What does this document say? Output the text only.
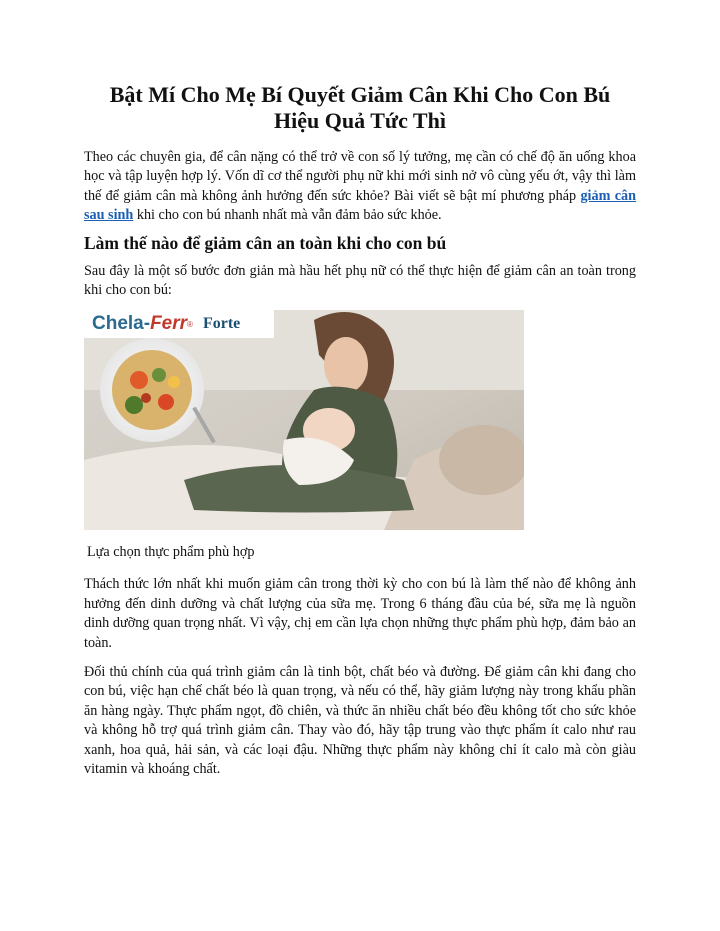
Bật Mí Cho Mẹ Bí Quyết Giảm Cân Khi Cho Con Bú
Hiệu Quả Tức Thì

Theo các chuyên gia, để cân nặng có thể trở về con số lý tưởng, mẹ cần có chế độ ăn uống khoa học và tập luyện hợp lý. Vốn dĩ cơ thể người phụ nữ khi mới sinh nở vô cùng yếu ớt, vậy thì làm thế để giảm cân mà không ảnh hưởng đến sức khỏe? Bài viết sẽ bật mí phương pháp giảm cân sau sinh khi cho con bú nhanh nhất mà vẫn đảm bảo sức khỏe.

Làm thế nào để giảm cân an toàn khi cho con bú

Sau đây là một số bước đơn giản mà hầu hết phụ nữ có thể thực hiện để giảm cân an toàn trong khi cho con bú:

Chela- Ferr ® Forte
Lựa chọn thực phẩm phù hợp

Thách thức lớn nhất khi muốn giảm cân trong thời kỳ cho con bú là làm thế nào để không ảnh hưởng đến dinh dưỡng và chất lượng của sữa mẹ. Trong 6 tháng đầu của bé, sữa mẹ là nguồn dinh dưỡng quan trọng nhất. Vì vậy, chị em cần lựa chọn những thực phẩm phù hợp, đảm bảo an toàn.

Đối thủ chính của quá trình giảm cân là tinh bột, chất béo và đường. Để giảm cân khi đang cho con bú, việc hạn chế chất béo là quan trọng, và nếu có thể, hãy giảm lượng này trong khẩu phần ăn hàng ngày. Thực phẩm ngọt, đồ chiên, và thức ăn nhiều chất béo đều không tốt cho sức khỏe và không hỗ trợ quá trình giảm cân. Thay vào đó, hãy tập trung vào thực phẩm ít calo như rau xanh, hoa quả, hải sản, và các loại đậu. Những thực phẩm này không chỉ ít calo mà còn giàu vitamin và khoáng chất.
